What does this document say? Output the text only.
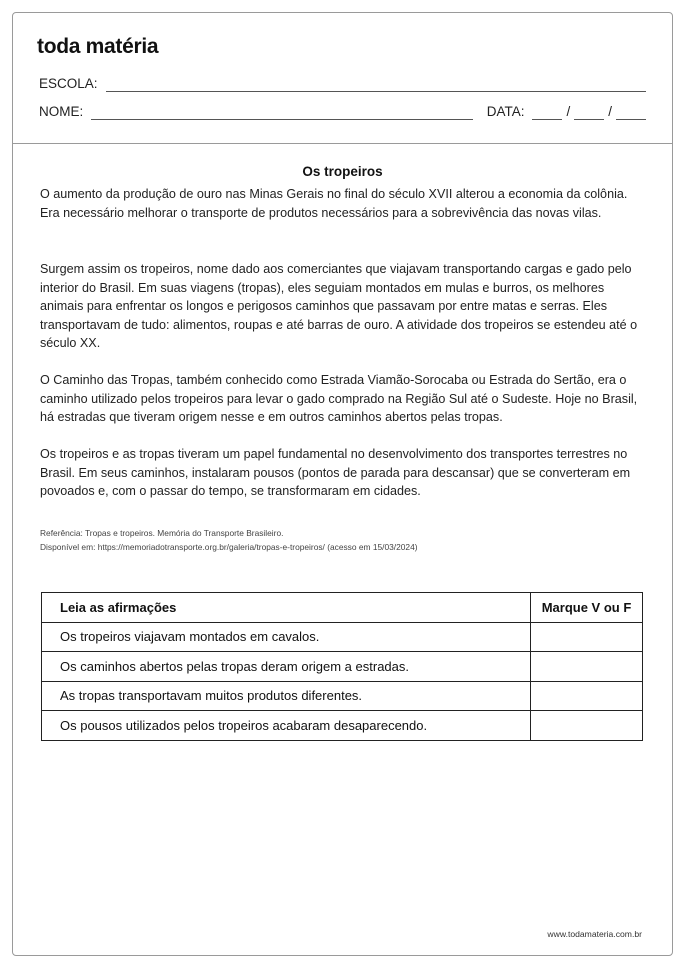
toda matéria
ESCOLA:
NOME:	DATA:	/	/
Os tropeiros

O aumento da produção de ouro nas Minas Gerais no final do século XVII alterou a economia da colônia. Era necessário melhorar o transporte de produtos necessários para a sobrevivência das novas vilas.

Surgem assim os tropeiros, nome dado aos comerciantes que viajavam transportando cargas e gado pelo interior do Brasil. Em suas viagens (tropas), eles seguiam montados em mulas e burros, os melhores animais para enfrentar os longos e perigosos caminhos que passavam por entre matas e serras. Eles transportavam de tudo: alimentos, roupas e até barras de ouro. A atividade dos tropeiros se estendeu até o século XX.

O Caminho das Tropas, também conhecido como Estrada Viamão-Sorocaba ou Estrada do Sertão, era o caminho utilizado pelos tropeiros para levar o gado comprado na Região Sul até o Sudeste. Hoje no Brasil, há estradas que tiveram origem nesse e em outros caminhos abertos pelas tropas.

Os tropeiros e as tropas tiveram um papel fundamental no desenvolvimento dos transportes terrestres no Brasil. Em seus caminhos, instalaram pousos (pontos de parada para descansar) que se converteram em povoados e, com o passar do tempo, se transformaram em cidades.

Referência: Tropas e tropeiros. Memória do Transporte Brasileiro.
Disponível em: https://memoriadotransporte.org.br/galeria/tropas-e-tropeiros/ (acesso em 15/03/2024)
Leia as afirmações	Marque V ou F
Os tropeiros viajavam montados em cavalos.	
Os caminhos abertos pelas tropas deram origem a estradas.	
As tropas transportavam muitos produtos diferentes.	
Os pousos utilizados pelos tropeiros acabaram desaparecendo.	
www.todamateria.com.br
